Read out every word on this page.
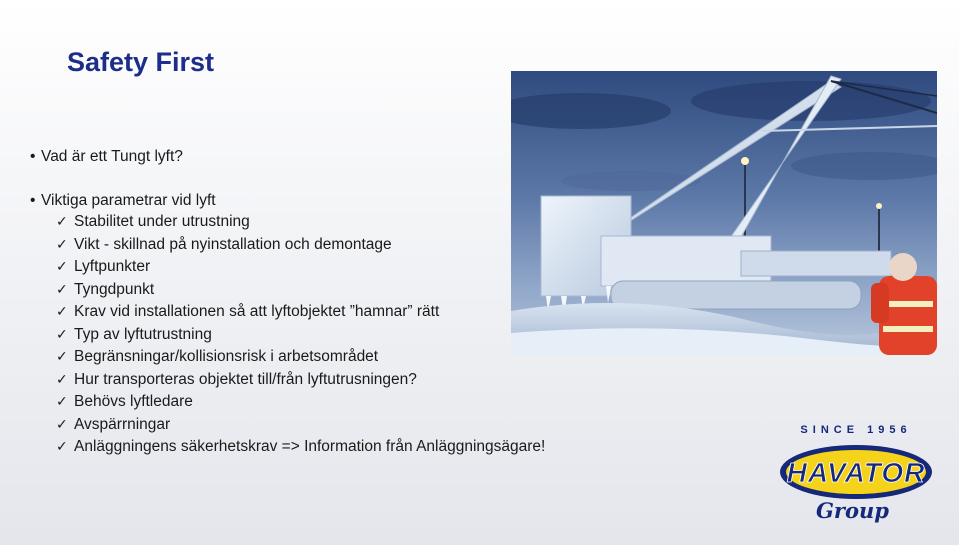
Safety First
• Vad är ett Tungt lyft?
• Viktiga parametrar vid lyft
✓ Stabilitet under utrustning
✓ Vikt - skillnad på nyinstallation och demontage
✓ Lyftpunkter
✓ Tyngdpunkt
✓ Krav vid installationen så att lyftobjektet ”hamnar” rätt
✓ Typ av lyftutrustning
✓ Begränsningar/kollisionsrisk i arbetsområdet
✓ Hur transporteras objektet till/från lyftutrusningen?
✓ Behövs lyftledare
✓ Avspärrningar
✓ Anläggningens säkerhetskrav => Information från Anläggningsägare!
SINCE 1956
HAVATOR
Group
